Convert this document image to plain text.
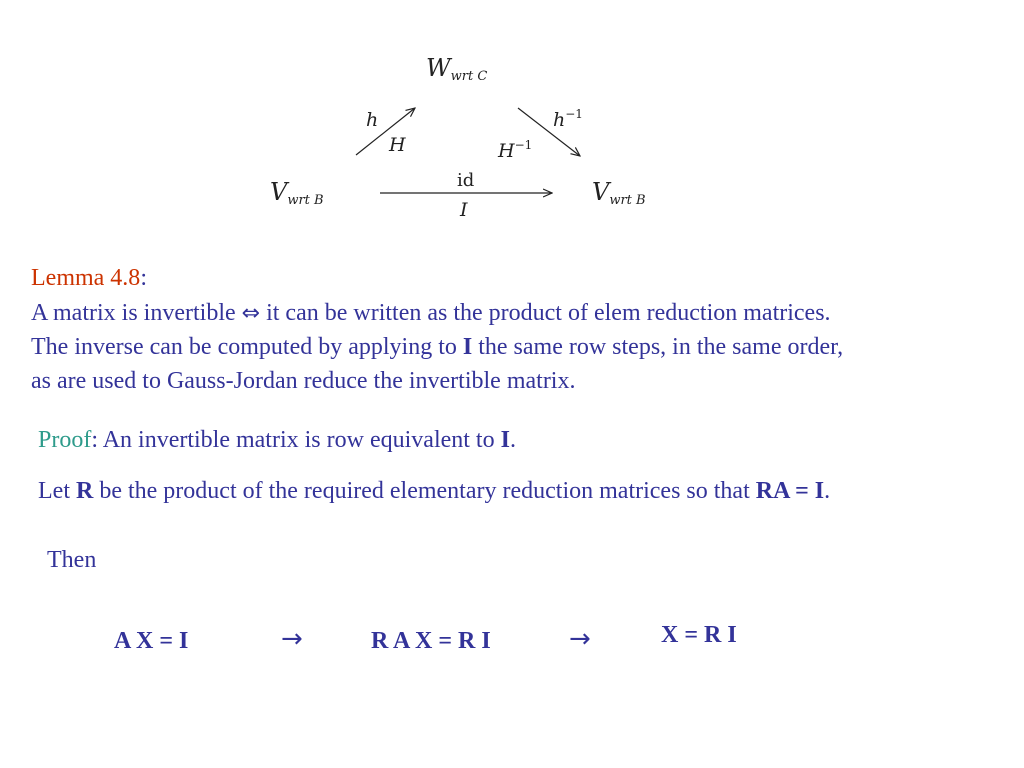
$W_{wrt C}$
$V_{wrt B}$	$V_{wrt B}$
h
H
$h^{-1}$
$H^{-1}$
id
I
Lemma 4.8:
A matrix is invertible ⇔ it can be written as the product of elem reduction matrices.
The inverse can be computed by applying to I the same row steps, in the same order,
as are used to Gauss-Jordan reduce the invertible matrix.
Proof: An invertible matrix is row equivalent to I.
Let R be the product of the required elementary reduction matrices so that RA = I.
Then
A X = I	→	R A X = R I	→	X = R I
